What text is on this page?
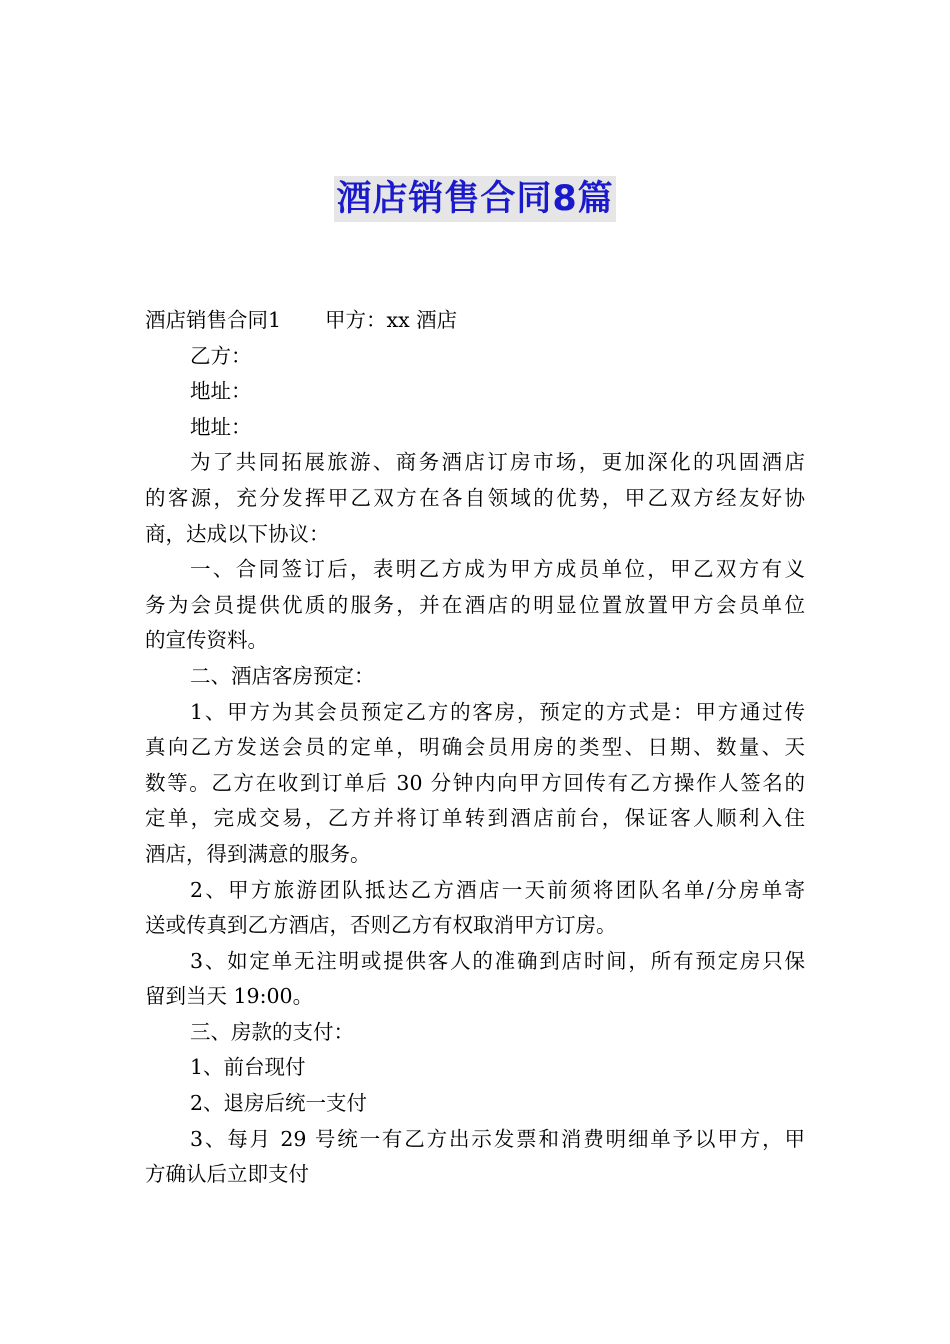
酒店销售合同8篇
酒店销售合同1 甲方：xx 酒店
乙方：
地址：
地址：
为了共同拓展旅游、商务酒店订房市场，更加深化的巩固酒店
的客源，充分发挥甲乙双方在各自领域的优势，甲乙双方经友好协
商，达成以下协议：
一、合同签订后，表明乙方成为甲方成员单位，甲乙双方有义
务为会员提供优质的服务，并在酒店的明显位置放置甲方会员单位
的宣传资料。
二、酒店客房预定：
1、甲方为其会员预定乙方的客房，预定的方式是：甲方通过传
真向乙方发送会员的定单，明确会员用房的类型、日期、数量、天
数等。乙方在收到订单后 30 分钟内向甲方回传有乙方操作人签名的
定单，完成交易，乙方并将订单转到酒店前台，保证客人顺利入住
酒店，得到满意的服务。
2、甲方旅游团队抵达乙方酒店一天前须将团队名单/分房单寄
送或传真到乙方酒店，否则乙方有权取消甲方订房。
3、如定单无注明或提供客人的准确到店时间，所有预定房只保
留到当天 19:00。
三、房款的支付：
1、前台现付
2、退房后统一支付
3、每月 29 号统一有乙方出示发票和消费明细单予以甲方，甲
方确认后立即支付
